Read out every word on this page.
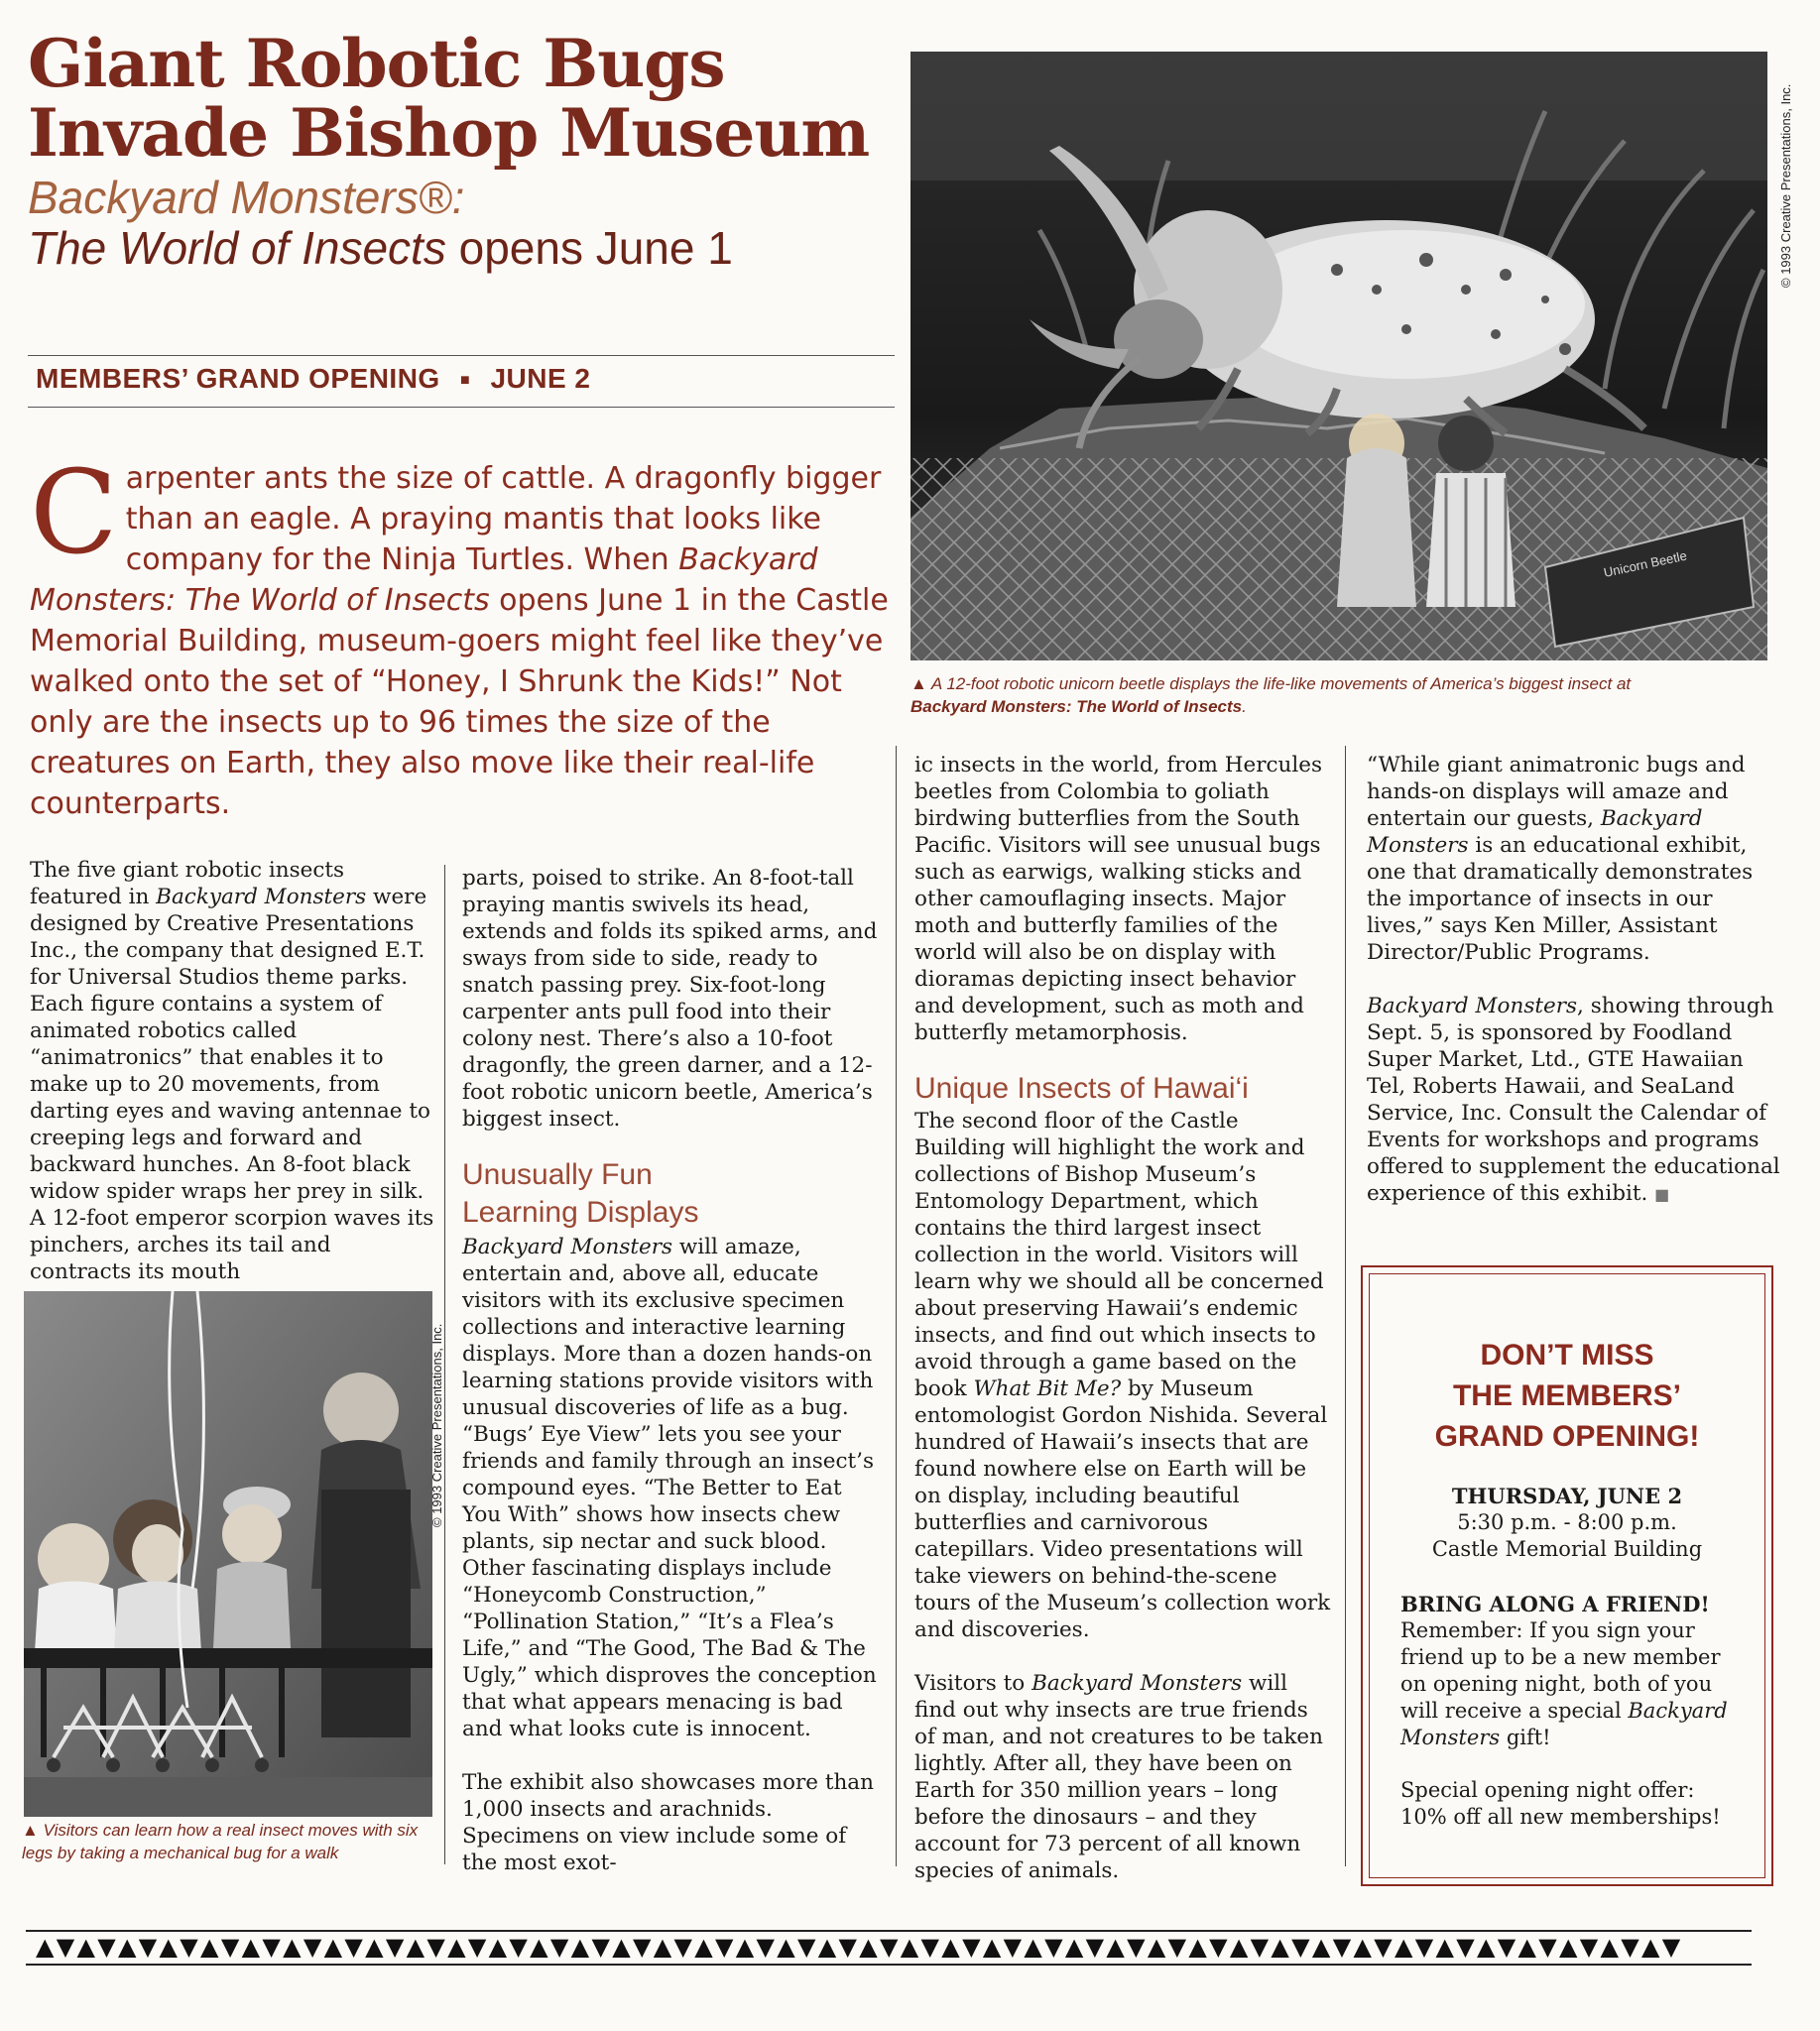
Giant Robotic Bugs
Invade Bishop Museum
Backyard Monsters®:
The World of Insects opens June 1
MEMBERS’ GRAND OPENING ■ JUNE 2
Carpenter ants the size of cattle. A dragonfly bigger than an eagle. A praying mantis that looks like company for the Ninja Turtles. When Backyard Monsters: The World of Insects opens June 1 in the Castle Memorial Building, museum-goers might feel like they’ve walked onto the set of “Honey, I Shrunk the Kids!” Not only are the insects up to 96 times the size of the creatures on Earth, they also move like their real-life counterparts.
Unicorn Beetle
© 1993 Creative Presentations, Inc.
▲ A 12-foot robotic unicorn beetle displays the life-like movements of America’s biggest insect at
Backyard Monsters: The World of Insects.

The five giant robotic insects featured in Backyard Monsters were designed by Creative Presentations Inc., the company that designed E.T. for Universal Studios theme parks. Each figure contains a system of animated robotics called “animatronics” that enables it to make up to 20 movements, from darting eyes and waving antennae to creeping legs and forward and backward hunches. An 8-foot black widow spider wraps her prey in silk. A 12-foot emperor scorpion waves its pinchers, arches its tail and contracts its mouth

© 1993 Creative Presentations, Inc.
▲ Visitors can learn how a real insect moves with six legs by taking a mechanical bug for a walk

parts, poised to strike. An 8-foot-tall praying mantis swivels its head, extends and folds its spiked arms, and sways from side to side, ready to snatch passing prey. Six-foot-long carpenter ants pull food into their colony nest. There’s also a 10-foot dragonfly, the green darner, and a 12-foot robotic unicorn beetle, America’s biggest insect.

Unusually Fun
Learning Displays

Backyard Monsters will amaze, entertain and, above all, educate visitors with its exclusive specimen collections and interactive learning displays. More than a dozen hands-on learning stations provide visitors with unusual discoveries of life as a bug. “Bugs’ Eye View” lets you see your friends and family through an insect’s compound eyes. “The Better to Eat You With” shows how insects chew plants, sip nectar and suck blood. Other fascinating displays include “Honeycomb Construction,” “Pollination Station,” “It’s a Flea’s Life,” and “The Good, The Bad & The Ugly,” which disproves the conception that what appears menacing is bad and what looks cute is innocent.

The exhibit also showcases more than 1,000 insects and arachnids. Specimens on view include some of the most exot-

ic insects in the world, from Hercules beetles from Colombia to goliath birdwing butterflies from the South Pacific. Visitors will see unusual bugs such as earwigs, walking sticks and other camouflaging insects. Major moth and butterfly families of the world will also be on display with dioramas depicting insect behavior and development, such as moth and butterfly metamorphosis.

Unique Insects of Hawai‘i

The second floor of the Castle Building will highlight the work and collections of Bishop Museum’s Entomology Department, which contains the third largest insect collection in the world. Visitors will learn why we should all be concerned about preserving Hawaii’s endemic insects, and find out which insects to avoid through a game based on the book What Bit Me? by Museum entomologist Gordon Nishida. Several hundred of Hawaii’s insects that are found nowhere else on Earth will be on display, including beautiful butterflies and carnivorous catepillars. Video presentations will take viewers on behind-the-scene tours of the Museum’s collection work and discoveries.

Visitors to Backyard Monsters will find out why insects are true friends of man, and not creatures to be taken lightly. After all, they have been on Earth for 350 million years – long before the dinosaurs – and they account for 73 percent of all known species of animals.

“While giant animatronic bugs and hands-on displays will amaze and entertain our guests, Backyard Monsters is an educational exhibit, one that dramatically demonstrates the importance of insects in our lives,” says Ken Miller, Assistant Director/Public Programs.

Backyard Monsters, showing through Sept. 5, is sponsored by Foodland Super Market, Ltd., GTE Hawaiian Tel, Roberts Hawaii, and SeaLand Service, Inc. Consult the Calendar of Events for workshops and programs offered to supplement the educational experience of this exhibit. ■

DON’T MISS
THE MEMBERS’
GRAND OPENING!
THURSDAY, JUNE 2
5:30 p.m. - 8:00 p.m.
Castle Memorial Building
BRING ALONG A FRIEND!
Remember: If you sign your friend up to be a new member on opening night, both of you will receive a special Backyard Monsters gift!
Special opening night offer:
10% off all new memberships!
▲▼▲▼▲▼▲▼▲▼▲▼▲▼▲▼▲▼▲▼▲▼▲▼▲▼▲▼▲▼▲▼▲▼▲▼▲▼▲▼▲▼▲▼▲▼▲▼▲▼▲▼▲▼▲▼▲▼▲▼▲▼▲▼▲▼▲▼▲▼▲▼▲▼▲▼▲▼▲▼
